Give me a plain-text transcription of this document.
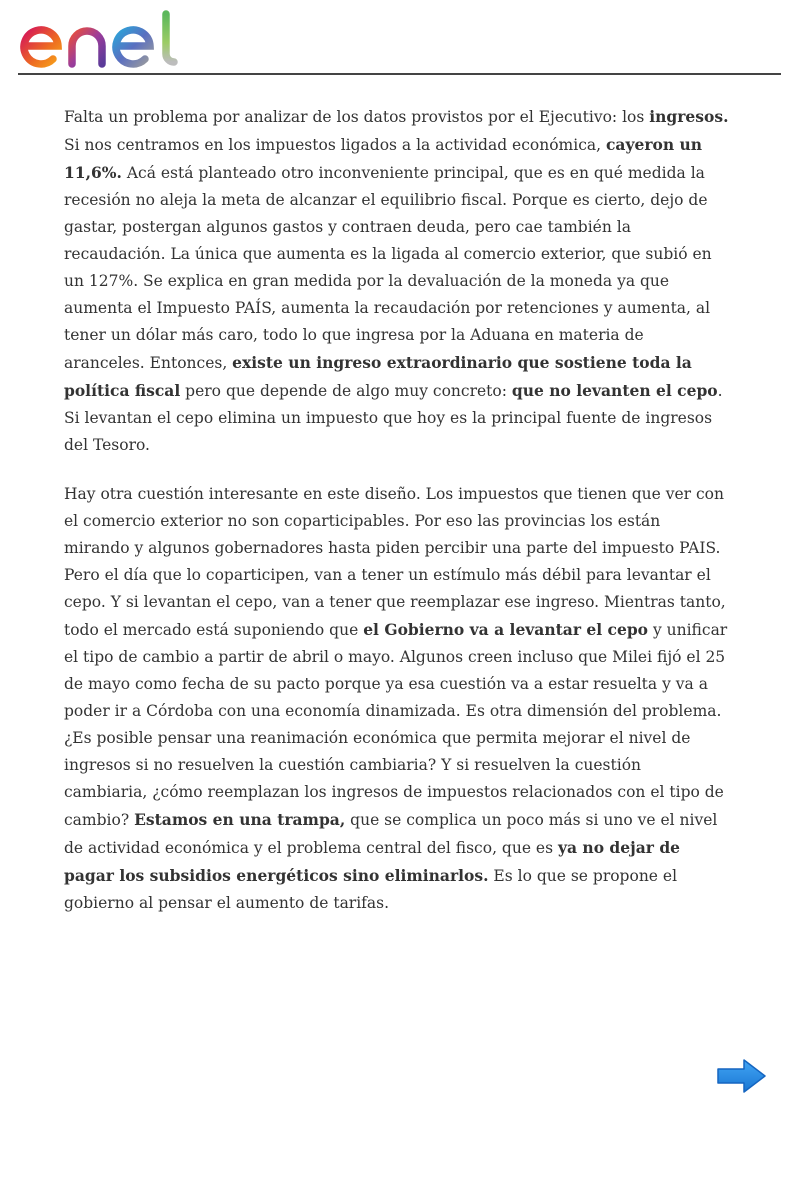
Falta un problema por analizar de los datos provistos por el Ejecutivo: los ingresos. Si nos centramos en los impuestos ligados a la actividad económica, cayeron un 11,6%. Acá está planteado otro inconveniente principal, que es en qué medida la recesión no aleja la meta de alcanzar el equilibrio fiscal. Porque es cierto, dejo de gastar, postergan algunos gastos y contraen deuda, pero cae también la recaudación. La única que aumenta es la ligada al comercio exterior, que subió en un 127%. Se explica en gran medida por la devaluación de la moneda ya que aumenta el Impuesto PAÍS, aumenta la recaudación por retenciones y aumenta, al tener un dólar más caro, todo lo que ingresa por la Aduana en materia de aranceles. Entonces, existe un ingreso extraordinario que sostiene toda la política fiscal pero que depende de algo muy concreto: que no levanten el cepo. Si levantan el cepo elimina un impuesto que hoy es la principal fuente de ingresos del Tesoro.

Hay otra cuestión interesante en este diseño. Los impuestos que tienen que ver con el comercio exterior no son coparticipables. Por eso las provincias los están mirando y algunos gobernadores hasta piden percibir una parte del impuesto PAIS. Pero el día que lo coparticipen, van a tener un estímulo más débil para levantar el cepo. Y si levantan el cepo, van a tener que reemplazar ese ingreso. Mientras tanto, todo el mercado está suponiendo que el Gobierno va a levantar el cepo y unificar el tipo de cambio a partir de abril o mayo. Algunos creen incluso que Milei fijó el 25 de mayo como fecha de su pacto porque ya esa cuestión va a estar resuelta y va a poder ir a Córdoba con una economía dinamizada. Es otra dimensión del problema. ¿Es posible pensar una reanimación económica que permita mejorar el nivel de ingresos si no resuelven la cuestión cambiaria? Y si resuelven la cuestión cambiaria, ¿cómo reemplazan los ingresos de impuestos relacionados con el tipo de cambio? Estamos en una trampa, que se complica un poco más si uno ve el nivel de actividad económica y el problema central del fisco, que es ya no dejar de pagar los subsidios energéticos sino eliminarlos. Es lo que se propone el gobierno al pensar el aumento de tarifas.
